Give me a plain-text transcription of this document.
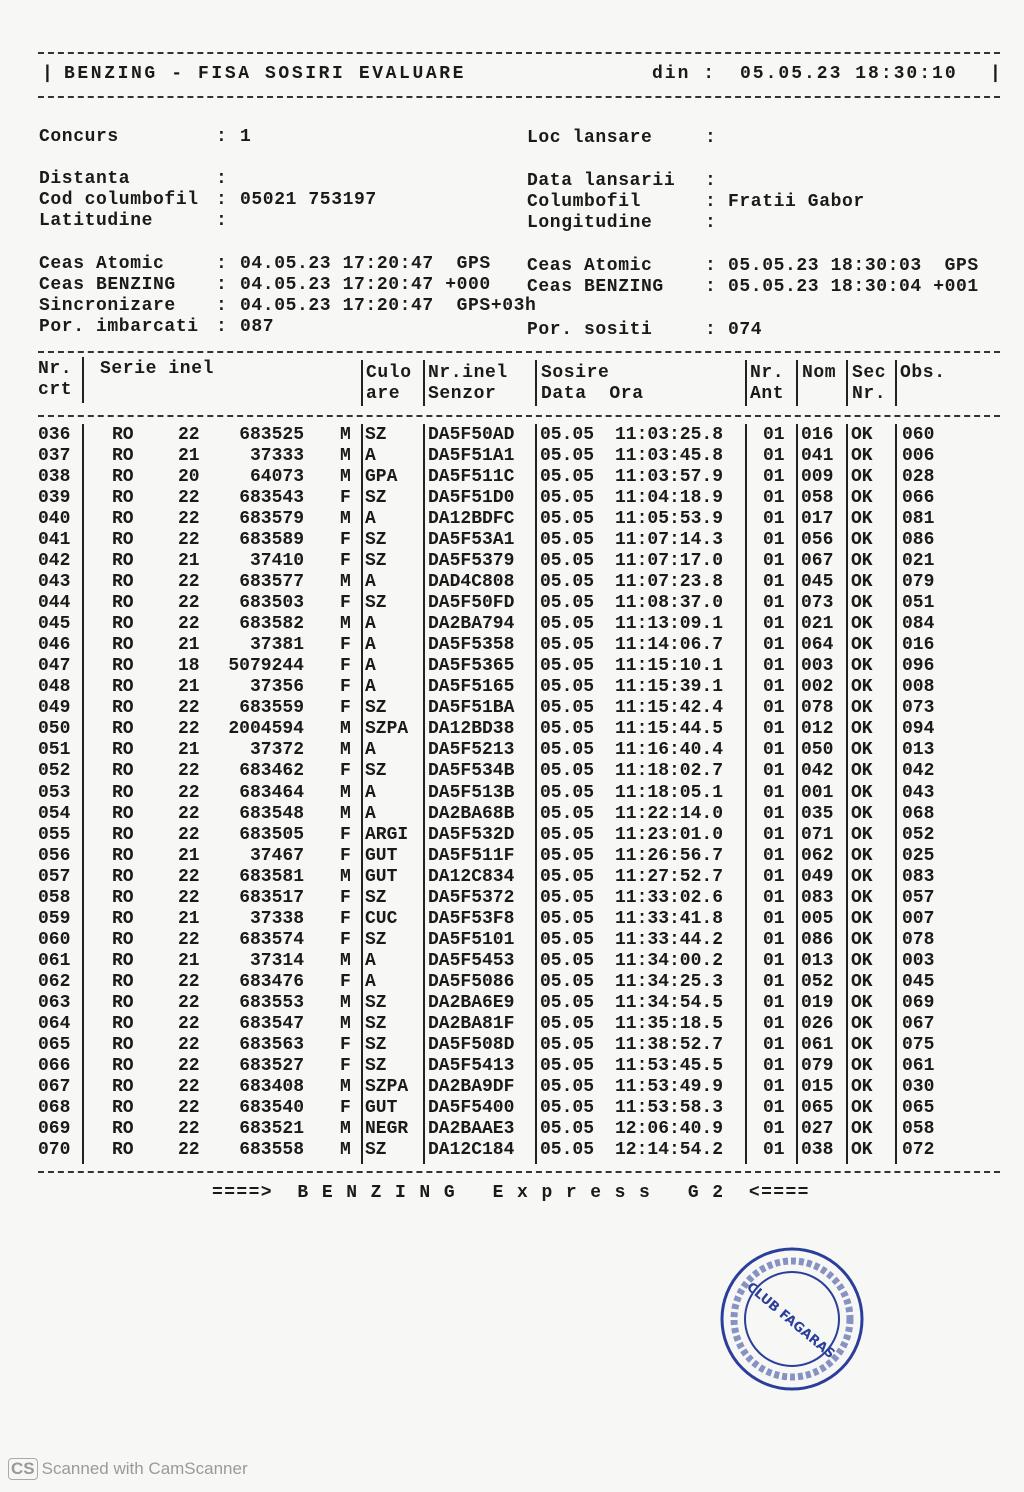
| BENZING - FISA SOSIRI EVALUARE	din : 05.05.23 18:30:10 |
Concurs	: 1
Distanta	:
Cod columbofil : 05021 753197
Latitudine	:
Ceas Atomic	: 04.05.23 17:20:47  GPS
Ceas BENZING : 04.05.23 17:20:47 +000
Sincronizare : 04.05.23 17:20:47  GPS+03h
Por. imbarcati : 087
Loc lansare	:
Data lansarii :
Columbofil	: Fratii Gabor
Longitudine	:
Ceas Atomic	: 05.05.23 18:30:03  GPS
Ceas BENZING : 05.05.23 18:30:04 +001
Por. sositi	: 074
Nr.
crt
Serie inel	Culo
are
Nr.inel
Senzor
Sosire
Data  Ora
Nr.
Ant
Nom Sec
Nr.
Obs.
036 RO 22 683525 M SZ DA5F50AD 05.05 11:03:25.8 01 016 OK 060
037 RO 21	37333 M A	DA5F51A1 05.05 11:03:45.8 01 041 OK 006
038 RO 20	64073 M GPA DA5F511C 05.05 11:03:57.9 01 009 OK 028
039 RO 22 683543 F SZ DA5F51D0 05.05 11:04:18.9 01 058 OK 066
040 RO 22 683579 M A	DA12BDFC 05.05 11:05:53.9 01 017 OK 081
041 RO 22 683589 F SZ DA5F53A1 05.05 11:07:14.3 01 056 OK 086
042 RO 21	37410 F SZ DA5F5379 05.05 11:07:17.0 01 067 OK 021
043 RO 22 683577 M A	DAD4C808 05.05 11:07:23.8 01 045 OK 079
044 RO 22 683503 F SZ DA5F50FD 05.05 11:08:37.0 01 073 OK 051
045 RO 22 683582 M A	DA2BA794 05.05 11:13:09.1 01 021 OK 084
046 RO 21	37381 F A	DA5F5358 05.05 11:14:06.7 01 064 OK 016
047 RO 18 5079244 F A	DA5F5365 05.05 11:15:10.1 01 003 OK 096
048 RO 21	37356 F A	DA5F5165 05.05 11:15:39.1 01 002 OK 008
049 RO 22 683559 F SZ DA5F51BA 05.05 11:15:42.4 01 078 OK 073
050 RO 22 2004594 M SZPA DA12BD38 05.05 11:15:44.5 01 012 OK 094
051 RO 21	37372 M A	DA5F5213 05.05 11:16:40.4 01 050 OK 013
052 RO 22 683462 F SZ DA5F534B 05.05 11:18:02.7 01 042 OK 042
053 RO 22 683464 M A	DA5F513B 05.05 11:18:05.1 01 001 OK 043
054 RO 22 683548 M A	DA2BA68B 05.05 11:22:14.0 01 035 OK 068
055 RO 22 683505 F ARGI DA5F532D 05.05 11:23:01.0 01 071 OK 052
056 RO 21	37467 F GUT DA5F511F 05.05 11:26:56.7 01 062 OK 025
057 RO 22 683581 M GUT DA12C834 05.05 11:27:52.7 01 049 OK 083
058 RO 22 683517 F SZ DA5F5372 05.05 11:33:02.6 01 083 OK 057
059 RO 21	37338 F CUC DA5F53F8 05.05 11:33:41.8 01 005 OK 007
060 RO 22 683574 F SZ DA5F5101 05.05 11:33:44.2 01 086 OK 078
061 RO 21	37314 M A	DA5F5453 05.05 11:34:00.2 01 013 OK 003
062 RO 22 683476 F A	DA5F5086 05.05 11:34:25.3 01 052 OK 045
063 RO 22 683553 M SZ DA2BA6E9 05.05 11:34:54.5 01 019 OK 069
064 RO 22 683547 M SZ DA2BA81F 05.05 11:35:18.5 01 026 OK 067
065 RO 22 683563 F SZ DA5F508D 05.05 11:38:52.7 01 061 OK 075
066 RO 22 683527 F SZ DA5F5413 05.05 11:53:45.5 01 079 OK 061
067 RO 22 683408 M SZPA DA2BA9DF 05.05 11:53:49.9 01 015 OK 030
068 RO 22 683540 F GUT DA5F5400 05.05 11:53:58.3 01 065 OK 065
069 RO 22 683521 M NEGR DA2BAAE3 05.05 12:06:40.9 01 027 OK 058
070 RO 22 683558 M SZ DA12C184 05.05 12:14:54.2 01 038 OK 072
====>  B E N Z I N G   E x p r e s s   G 2  <====
CLUB FAGARAS
CS Scanned with CamScanner
